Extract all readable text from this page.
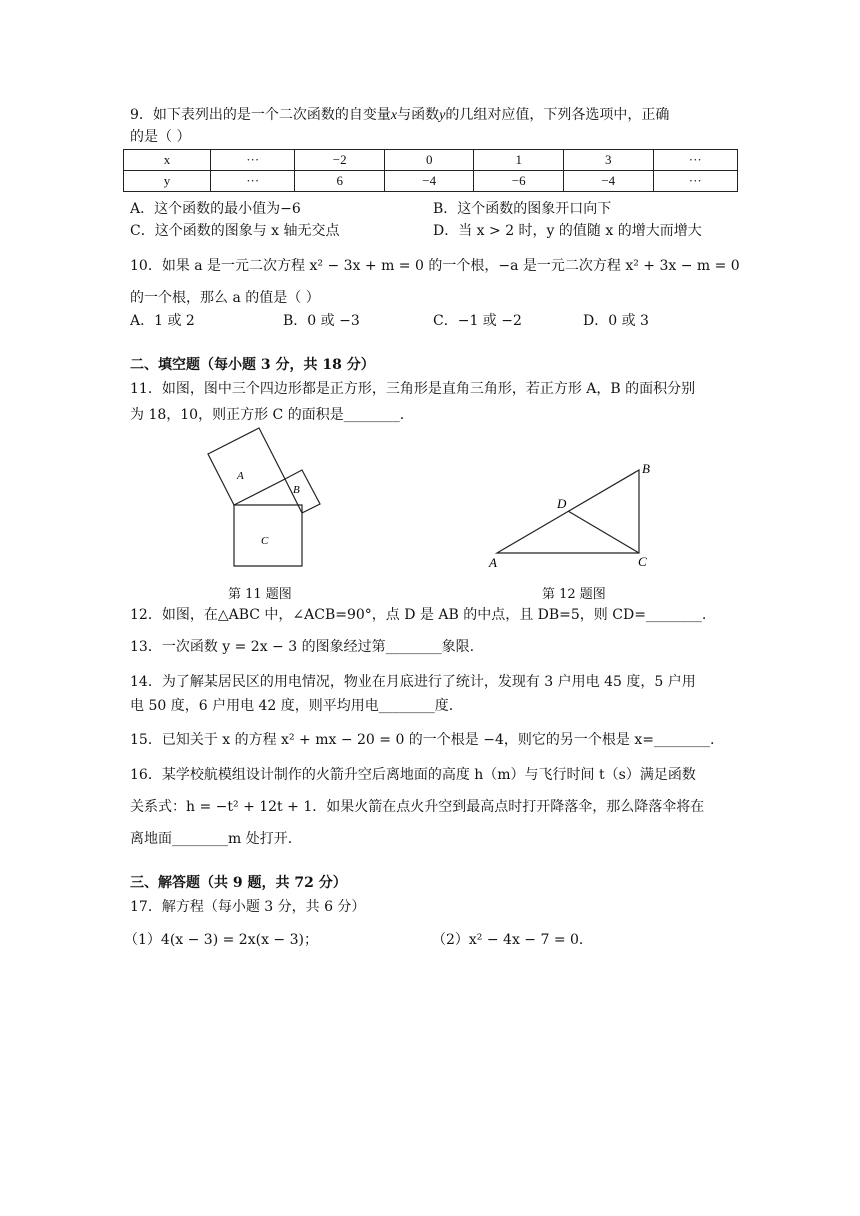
9．如下表列出的是一个二次函数的自变量x与函数y的几组对应值，下列各选项中，正确
的是（ ）
x	···	−2	0	1	3	···
y	···	6	−4	−6	−4	···
A．这个函数的最小值为−6	B．这个函数的图象开口向下
C．这个函数的图象与 x 轴无交点	D．当 x > 2 时，y 的值随 x 的增大而增大
10．如果 a 是一元二次方程 x² − 3x + m = 0 的一个根，−a 是一元二次方程 x² + 3x − m = 0
的一个根，那么 a 的值是（ ）
A．1 或 2	B．0 或 −3	C．−1 或 −2	D．0 或 3
二、填空题（每小题 3 分，共 18 分）
11．如图，图中三个四边形都是正方形，三角形是直角三角形，若正方形 A，B 的面积分别
为 18，10，则正方形 C 的面积是________.
A
B
C
第 11 题图
B
D
A	C
第 12 题图
12．如图，在△ABC 中，∠ACB=90°，点 D 是 AB 的中点，且 DB=5，则 CD=________.
13．一次函数 y = 2x − 3 的图象经过第________象限.
14．为了解某居民区的用电情况，物业在月底进行了统计，发现有 3 户用电 45 度，5 户用
电 50 度，6 户用电 42 度，则平均用电________度.
15．已知关于 x 的方程 x² + mx − 20 = 0 的一个根是 −4，则它的另一个根是 x=________.
16．某学校航模组设计制作的火箭升空后离地面的高度 h（m）与飞行时间 t（s）满足函数
关系式：h = −t² + 12t + 1．如果火箭在点火升空到最高点时打开降落伞，那么降落伞将在
离地面________m 处打开.
三、解答题（共 9 题，共 72 分）
17．解方程（每小题 3 分，共 6 分）
（1）4(x − 3) = 2x(x − 3)；	（2）x² − 4x − 7 = 0．
